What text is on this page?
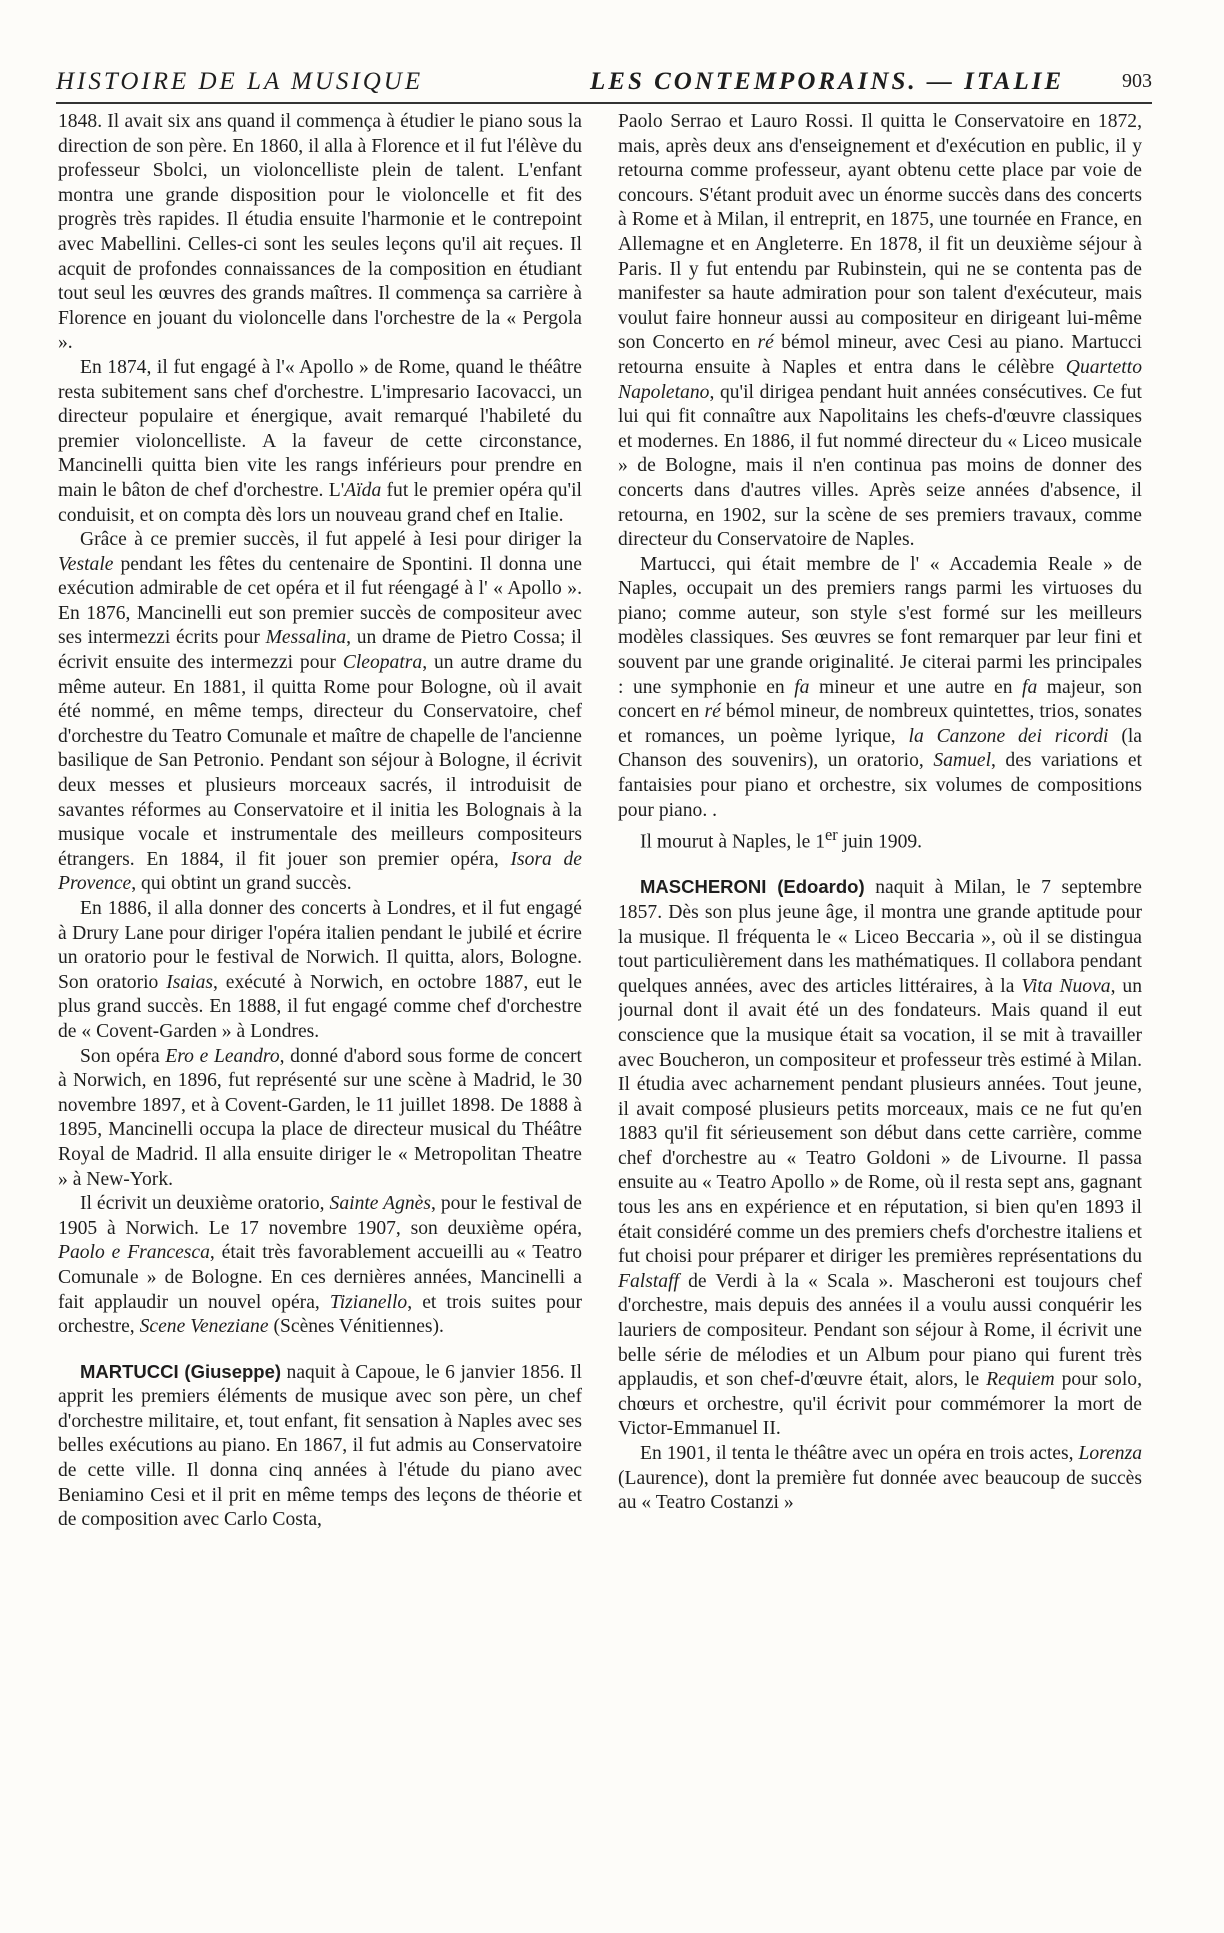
HISTOIRE DE LA MUSIQUE	LES CONTEMPORAINS. — ITALIE	903

1848. Il avait six ans quand il commença à étudier le piano sous la direction de son père. En 1860, il alla à Florence et il fut l'élève du professeur Sbolci, un violoncelliste plein de talent. L'enfant montra une grande disposition pour le violoncelle et fit des progrès très rapides. Il étudia ensuite l'harmonie et le contrepoint avec Mabellini. Celles-ci sont les seules leçons qu'il ait reçues. Il acquit de profondes connaissances de la composition en étudiant tout seul les œuvres des grands maîtres. Il commença sa carrière à Florence en jouant du violoncelle dans l'orchestre de la « Pergola ».

En 1874, il fut engagé à l'« Apollo » de Rome, quand le théâtre resta subitement sans chef d'orchestre. L'impresario Iacovacci, un directeur populaire et énergique, avait remarqué l'habileté du premier violoncelliste. A la faveur de cette circonstance, Mancinelli quitta bien vite les rangs inférieurs pour prendre en main le bâton de chef d'orchestre. L'Aïda fut le premier opéra qu'il conduisit, et on compta dès lors un nouveau grand chef en Italie.

Grâce à ce premier succès, il fut appelé à Iesi pour diriger la Vestale pendant les fêtes du centenaire de Spontini. Il donna une exécution admirable de cet opéra et il fut réengagé à l' « Apollo ». En 1876, Mancinelli eut son premier succès de compositeur avec ses intermezzi écrits pour Messalina, un drame de Pietro Cossa; il écrivit ensuite des intermezzi pour Cleopatra, un autre drame du même auteur. En 1881, il quitta Rome pour Bologne, où il avait été nommé, en même temps, directeur du Conservatoire, chef d'orchestre du Teatro Comunale et maître de chapelle de l'ancienne basilique de San Petronio. Pendant son séjour à Bologne, il écrivit deux messes et plusieurs morceaux sacrés, il introduisit de savantes réformes au Conservatoire et il initia les Bolognais à la musique vocale et instrumentale des meilleurs compositeurs étrangers. En 1884, il fit jouer son premier opéra, Isora de Provence, qui obtint un grand succès.

En 1886, il alla donner des concerts à Londres, et il fut engagé à Drury Lane pour diriger l'opéra italien pendant le jubilé et écrire un oratorio pour le festival de Norwich. Il quitta, alors, Bologne. Son oratorio Isaias, exécuté à Norwich, en octobre 1887, eut le plus grand succès. En 1888, il fut engagé comme chef d'orchestre de « Covent-Garden » à Londres.

Son opéra Ero e Leandro, donné d'abord sous forme de concert à Norwich, en 1896, fut représenté sur une scène à Madrid, le 30 novembre 1897, et à Covent-Garden, le 11 juillet 1898. De 1888 à 1895, Mancinelli occupa la place de directeur musical du Théâtre Royal de Madrid. Il alla ensuite diriger le « Metropolitan Theatre » à New-York.

Il écrivit un deuxième oratorio, Sainte Agnès, pour le festival de 1905 à Norwich. Le 17 novembre 1907, son deuxième opéra, Paolo e Francesca, était très favorablement accueilli au « Teatro Comunale » de Bologne. En ces dernières années, Mancinelli a fait applaudir un nouvel opéra, Tizianello, et trois suites pour orchestre, Scene Veneziane (Scènes Vénitiennes).

MARTUCCI (Giuseppe) naquit à Capoue, le 6 janvier 1856. Il apprit les premiers éléments de musique avec son père, un chef d'orchestre militaire, et, tout enfant, fit sensation à Naples avec ses belles exécutions au piano. En 1867, il fut admis au Conservatoire de cette ville. Il donna cinq années à l'étude du piano avec Beniamino Cesi et il prit en même temps des leçons de théorie et de composition avec Carlo Costa,

Paolo Serrao et Lauro Rossi. Il quitta le Conservatoire en 1872, mais, après deux ans d'enseignement et d'exécution en public, il y retourna comme professeur, ayant obtenu cette place par voie de concours. S'étant produit avec un énorme succès dans des concerts à Rome et à Milan, il entreprit, en 1875, une tournée en France, en Allemagne et en Angleterre. En 1878, il fit un deuxième séjour à Paris. Il y fut entendu par Rubinstein, qui ne se contenta pas de manifester sa haute admiration pour son talent d'exécuteur, mais voulut faire honneur aussi au compositeur en dirigeant lui-même son Concerto en ré bémol mineur, avec Cesi au piano. Martucci retourna ensuite à Naples et entra dans le célèbre Quartetto Napoletano, qu'il dirigea pendant huit années consécutives. Ce fut lui qui fit connaître aux Napolitains les chefs-d'œuvre classiques et modernes. En 1886, il fut nommé directeur du « Liceo musicale » de Bologne, mais il n'en continua pas moins de donner des concerts dans d'autres villes. Après seize années d'absence, il retourna, en 1902, sur la scène de ses premiers travaux, comme directeur du Conservatoire de Naples.

Martucci, qui était membre de l' « Accademia Reale » de Naples, occupait un des premiers rangs parmi les virtuoses du piano; comme auteur, son style s'est formé sur les meilleurs modèles classiques. Ses œuvres se font remarquer par leur fini et souvent par une grande originalité. Je citerai parmi les principales : une symphonie en fa mineur et une autre en fa majeur, son concert en ré bémol mineur, de nombreux quintettes, trios, sonates et romances, un poème lyrique, la Canzone dei ricordi (la Chanson des souvenirs), un oratorio, Samuel, des variations et fantaisies pour piano et orchestre, six volumes de compositions pour piano. .

Il mourut à Naples, le 1er juin 1909.

MASCHERONI (Edoardo) naquit à Milan, le 7 septembre 1857. Dès son plus jeune âge, il montra une grande aptitude pour la musique. Il fréquenta le « Liceo Beccaria », où il se distingua tout particulièrement dans les mathématiques. Il collabora pendant quelques années, avec des articles littéraires, à la Vita Nuova, un journal dont il avait été un des fondateurs. Mais quand il eut conscience que la musique était sa vocation, il se mit à travailler avec Boucheron, un compositeur et professeur très estimé à Milan. Il étudia avec acharnement pendant plusieurs années. Tout jeune, il avait composé plusieurs petits morceaux, mais ce ne fut qu'en 1883 qu'il fit sérieusement son début dans cette carrière, comme chef d'orchestre au « Teatro Goldoni » de Livourne. Il passa ensuite au « Teatro Apollo » de Rome, où il resta sept ans, gagnant tous les ans en expérience et en réputation, si bien qu'en 1893 il était considéré comme un des premiers chefs d'orchestre italiens et fut choisi pour préparer et diriger les premières représentations du Falstaff de Verdi à la « Scala ». Mascheroni est toujours chef d'orchestre, mais depuis des années il a voulu aussi conquérir les lauriers de compositeur. Pendant son séjour à Rome, il écrivit une belle série de mélodies et un Album pour piano qui furent très applaudis, et son chef-d'œuvre était, alors, le Requiem pour solo, chœurs et orchestre, qu'il écrivit pour commémorer la mort de Victor-Emmanuel II.

En 1901, il tenta le théâtre avec un opéra en trois actes, Lorenza (Laurence), dont la première fut donnée avec beaucoup de succès au « Teatro Costanzi »
